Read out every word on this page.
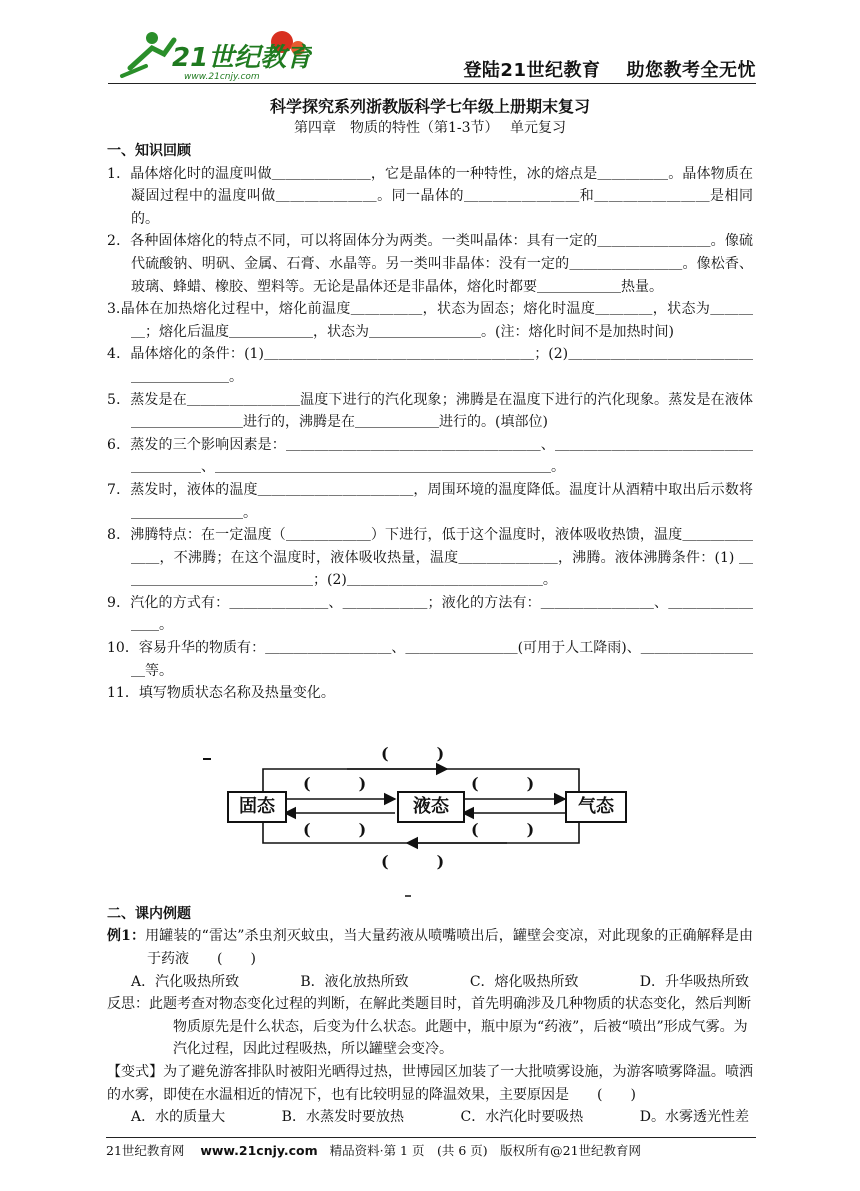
21世纪教育
www.21cnjy.com	登陆21世纪教育 助您教考全无忧
科学探究系列浙教版科学七年级上册期末复习
第四章　物质的特性（第1-3节）　 单元复习
一、知识回顾
1．晶体熔化时的温度叫做＿＿＿＿＿＿＿，它是晶体的一种特性，冰的熔点是＿＿＿＿＿。晶体物质在凝固过程中的温度叫做＿＿＿＿＿＿＿。同一晶体的＿＿＿＿＿＿＿＿和＿＿＿＿＿＿＿＿是相同的。
2．各种固体熔化的特点不同，可以将固体分为两类。一类叫晶体：具有一定的＿＿＿＿＿＿＿＿。像硫代硫酸钠、明矾、金属、石膏、水晶等。另一类叫非晶体：没有一定的＿＿＿＿＿＿＿＿。像松香、玻璃、蜂蜡、橡胶、塑料等。无论是晶体还是非晶体，熔化时都要＿＿＿＿＿＿热量。
3.晶体在加热熔化过程中，熔化前温度＿＿＿＿＿，状态为固态；熔化时温度＿＿＿＿，状态为＿＿＿＿；熔化后温度＿＿＿＿＿＿，状态为＿＿＿＿＿＿＿＿。(注：熔化时间不是加热时间)
4．晶体熔化的条件：(1)＿＿＿＿＿＿＿＿＿＿＿＿＿＿＿＿＿＿＿；(2)＿＿＿＿＿＿＿＿＿＿＿＿＿＿＿＿＿＿＿＿。
5．蒸发是在＿＿＿＿＿＿＿＿温度下进行的汽化现象；沸腾是在温度下进行的汽化现象。蒸发是在液体＿＿＿＿＿＿＿＿进行的，沸腾是在＿＿＿＿＿＿进行的。(填部位)
6．蒸发的三个影响因素是：＿＿＿＿＿＿＿＿＿＿＿＿＿＿＿＿＿＿、＿＿＿＿＿＿＿＿＿＿＿＿＿＿＿＿＿＿＿、＿＿＿＿＿＿＿＿＿＿＿＿＿＿＿＿＿＿＿＿＿＿＿＿。
7．蒸发时，液体的温度＿＿＿＿＿＿＿＿＿＿＿，周围环境的温度降低。温度计从酒精中取出后示数将＿＿＿＿＿＿＿＿。
8．沸腾特点：在一定温度（＿＿＿＿＿＿）下进行，低于这个温度时，液体吸收热馈，温度＿＿＿＿＿＿＿，不沸腾；在这个温度时，液体吸收热量，温度＿＿＿＿＿＿＿，沸腾。液体沸腾条件：(1) ＿＿＿＿＿＿＿＿＿＿＿＿＿＿；(2)＿＿＿＿＿＿＿＿＿＿＿＿＿＿。
9．汽化的方式有：＿＿＿＿＿＿＿、＿＿＿＿＿＿；液化的方法有：＿＿＿＿＿＿＿＿、＿＿＿＿＿＿＿＿。
10．容易升华的物质有：＿＿＿＿＿＿＿＿＿、＿＿＿＿＿＿＿＿(可用于人工降雨)、＿＿＿＿＿＿＿＿＿等。
11．填写物质状态名称及热量变化。
固态	液态	气态
(　　　)
(　　　)	(　　　)
(　　　)	(　　　)
(　　　)
二、课内例题
例1：用罐装的“雷达”杀虫剂灭蚊虫，当大量药液从喷嘴喷出后，罐壁会变凉，对此现象的正确解释是由于药液　　(　　)
A．汽化吸热所致	B．液化放热所致	C．熔化吸热所致	D．升华吸热所致
反思：此题考查对物态变化过程的判断，在解此类题目时，首先明确涉及几种物质的状态变化，然后判断物质原先是什么状态，后变为什么状态。此题中，瓶中原为“药液”，后被“喷出”形成气雾。为汽化过程，因此过程吸热，所以罐壁会变冷。
【变式】为了避免游客排队时被阳光晒得过热，世博园区加装了一大批喷雾设施，为游客喷雾降温。喷洒的水雾，即使在水温相近的情况下，也有比较明显的降温效果，主要原因是　　(　　)
A．水的质量大	B．水蒸发时要放热	C．水汽化时要吸热	D。水雾透光性差
21世纪教育网 www.21cnjy.com 精品资料·第 1 页　(共 6 页)　版权所有@21世纪教育网
